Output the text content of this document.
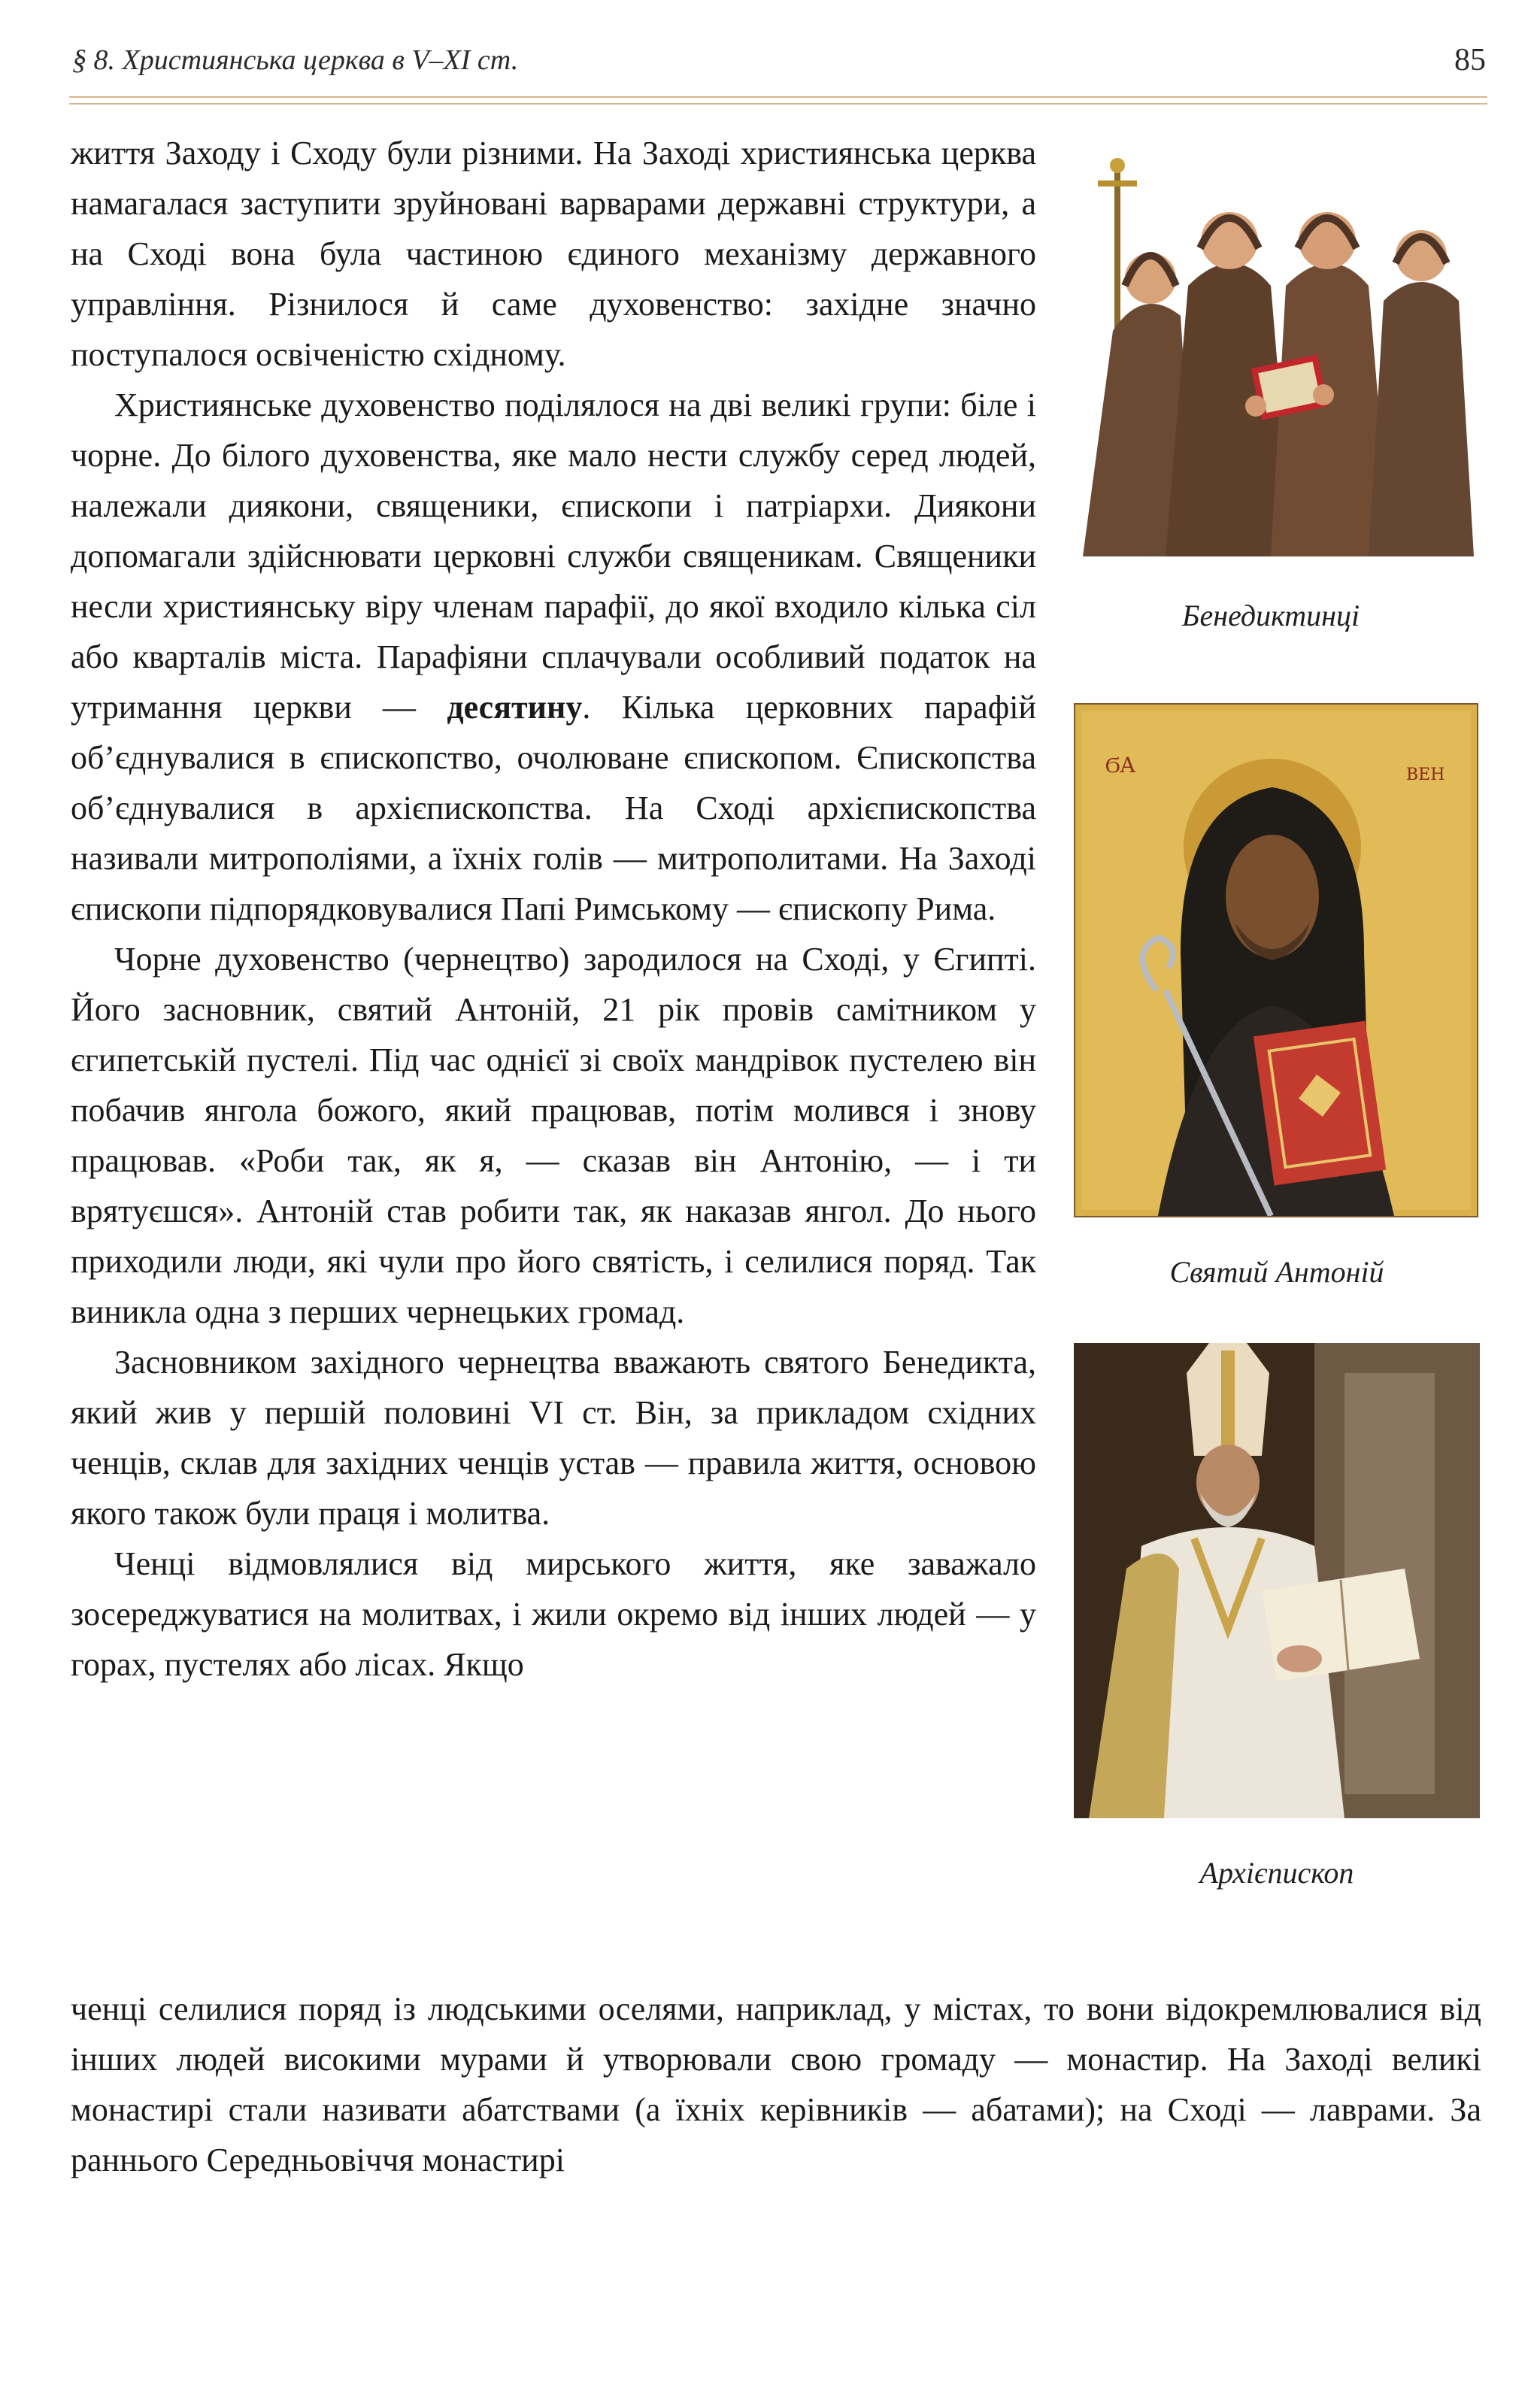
§ 8. Християнська церква в V–XI ст.	85

життя Заходу і Сходу були різними. На Заході християнська церква намагалася заступити зруйновані варварами державні структури, а на Сході вона була частиною єдиного механізму державного управління. Різнилося й саме духовенство: західне значно поступалося освіченістю східному.

Християнське духовенство поділялося на дві великі групи: біле і чорне. До білого духовенства, яке мало нести службу серед людей, належали диякони, священики, єпископи і патріархи. Диякони допомагали здійснювати церковні служби священикам. Священики несли християнську віру членам парафії, до якої входило кілька сіл або кварталів міста. Парафіяни сплачували особливий податок на утримання церкви — десятину. Кілька церковних парафій об’єднувалися в єпископство, очолюване єпископом. Єпископства об’єднувалися в архієпископства. На Сході архієпископства називали митрополіями, а їхніх голів — митрополитами. На Заході єпископи підпорядковувалися Папі Римському — єпископу Рима.

Чорне духовенство (чернецтво) зародилося на Сході, у Єгипті. Його засновник, святий Антоній, 21 рік провів самітником у єгипетській пустелі. Під час однієї зі своїх мандрівок пустелею він побачив янгола божого, який працював, потім молився і знову працював. «Роби так, як я, — сказав він Антонію, — і ти врятуєшся». Антоній став робити так, як наказав янгол. До нього приходили люди, які чули про його святість, і селилися поряд. Так виникла одна з перших чернецьких громад.

Засновником західного чернецтва вважають святого Бенедикта, який жив у першій половині VI ст. Він, за прикладом східних ченців, склав для західних ченців устав — правила життя, основою якого також були праця і молитва.

Ченці відмовлялися від мирського життя, яке заважало зосереджуватися на молитвах, і жили окремо від інших людей — у горах, пустелях або лісах. Якщо

ченці селилися поряд із людськими оселями, наприклад, у містах, то вони відокремлювалися від інших людей високими мурами й утворювали свою громаду — монастир. На Заході великі монастирі стали називати абатствами (а їхніх керівників — абатами); на Сході — лаврами. За раннього Середньовіччя монастирі

Бенедиктинці
ϬA	BЕН
Святий Антоній
Архієпископ
